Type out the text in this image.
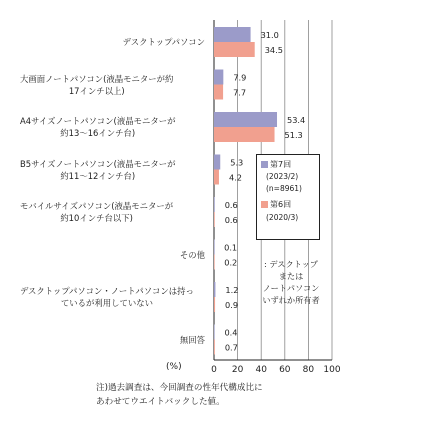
0 20 40 60 80 100
31.0
34.5
7.9
7.7
53.4
51.3
5.3
4.2
0.6
0.6
0.1
0.2
1.2
0.9
0.4
0.7
デスクトップパソコン
大画面ノートパソコン(液晶モニターが約
17インチ以上)
A4サイズノートパソコン(液晶モニターが
約13～16インチ台)
B5サイズノートパソコン(液晶モニターが
約11～12インチ台)
モバイルサイズパソコン(液晶モニターが
約10インチ台以下)
その他
デスクトップパソコン・ノートパソコンは持っ
ているが利用していない
無回答
第7回
(2023/2)
(n=8961)
第6回
(2020/3)
: デスクトップ
または
ノートパソコン
いずれか所有者
(%)
注)過去調査は、今回調査の性年代構成比に
あわせてウエイトバックした値。
